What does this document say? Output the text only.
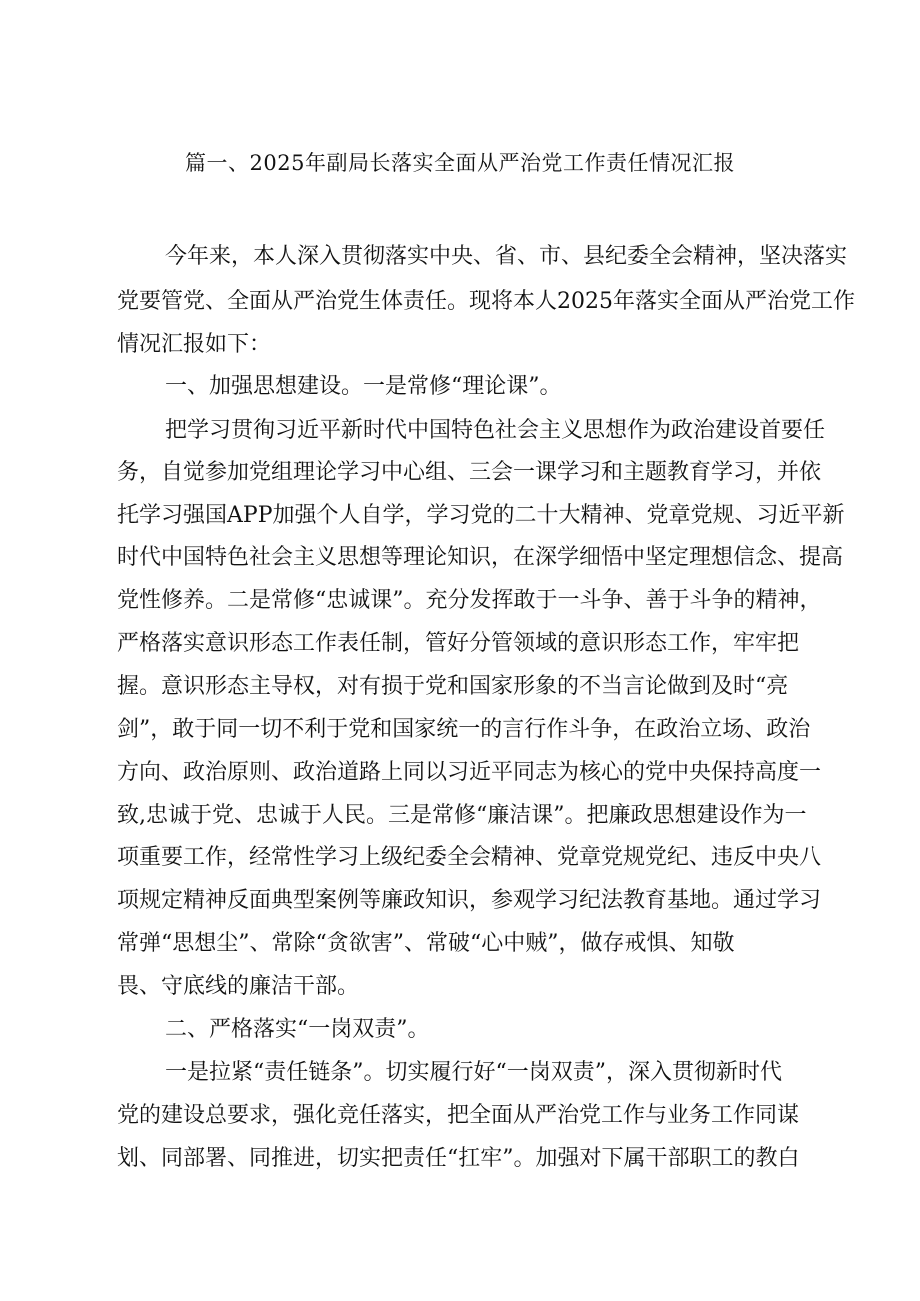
篇一、2025年副局长落实全面从严治党工作责任情况汇报
今年来，本人深入贯彻落实中央、省、市、县纪委全会精神，坚决落实
党要管党、全面从严治党生体责任。现将本人2025年落实全面从严治党工作
情况汇报如下：
一、加强思想建设。一是常修“理论课”。
把学习贯徇习近平新时代中国特色社会主义思想作为政治建设首要任
务，自觉参加党组理论学习中心组、三会一课学习和主题教育学习，并依
托学习强国APP加强个人自学，学习党的二十大精神、党章党规、习近平新
时代中国特色社会主义思想等理论知识，在深学细悟中坚定理想信念、提高
党性修养。二是常修“忠诚课”。充分发挥敢于一斗争、善于斗争的精神，
严格落实意识形态工作表任制，管好分管领域的意识形态工作，牢牢把
握。意识形态主导权，对有损于党和国家形象的不当言论做到及时“亮
剑”，敢于同一切不利于党和国家统一的言行作斗争，在政治立场、政治
方向、政治原则、政治道路上同以习近平同志为核心的党中央保持高度一
致,忠诚于党、忠诚于人民。三是常修“廉洁课”。把廉政思想建设作为一
项重要工作，经常性学习上级纪委全会精神、党章党规党纪、违反中央八
项规定精神反面典型案例等廉政知识，参观学习纪法教育基地。通过学习
常弹“思想尘”、常除“贪欲害”、常破“心中贼”，做存戒惧、知敬
畏、守底线的廉洁干部。
二、严格落实“一岗双责”。
一是拉紧“责任链条”。切实履行好“一岗双责”，深入贯彻新时代
党的建设总要求，强化竞任落实，把全面从严治党工作与业务工作同谋
划、同部署、同推进，切实把责任“扛牢”。加强对下属干部职工的教白
